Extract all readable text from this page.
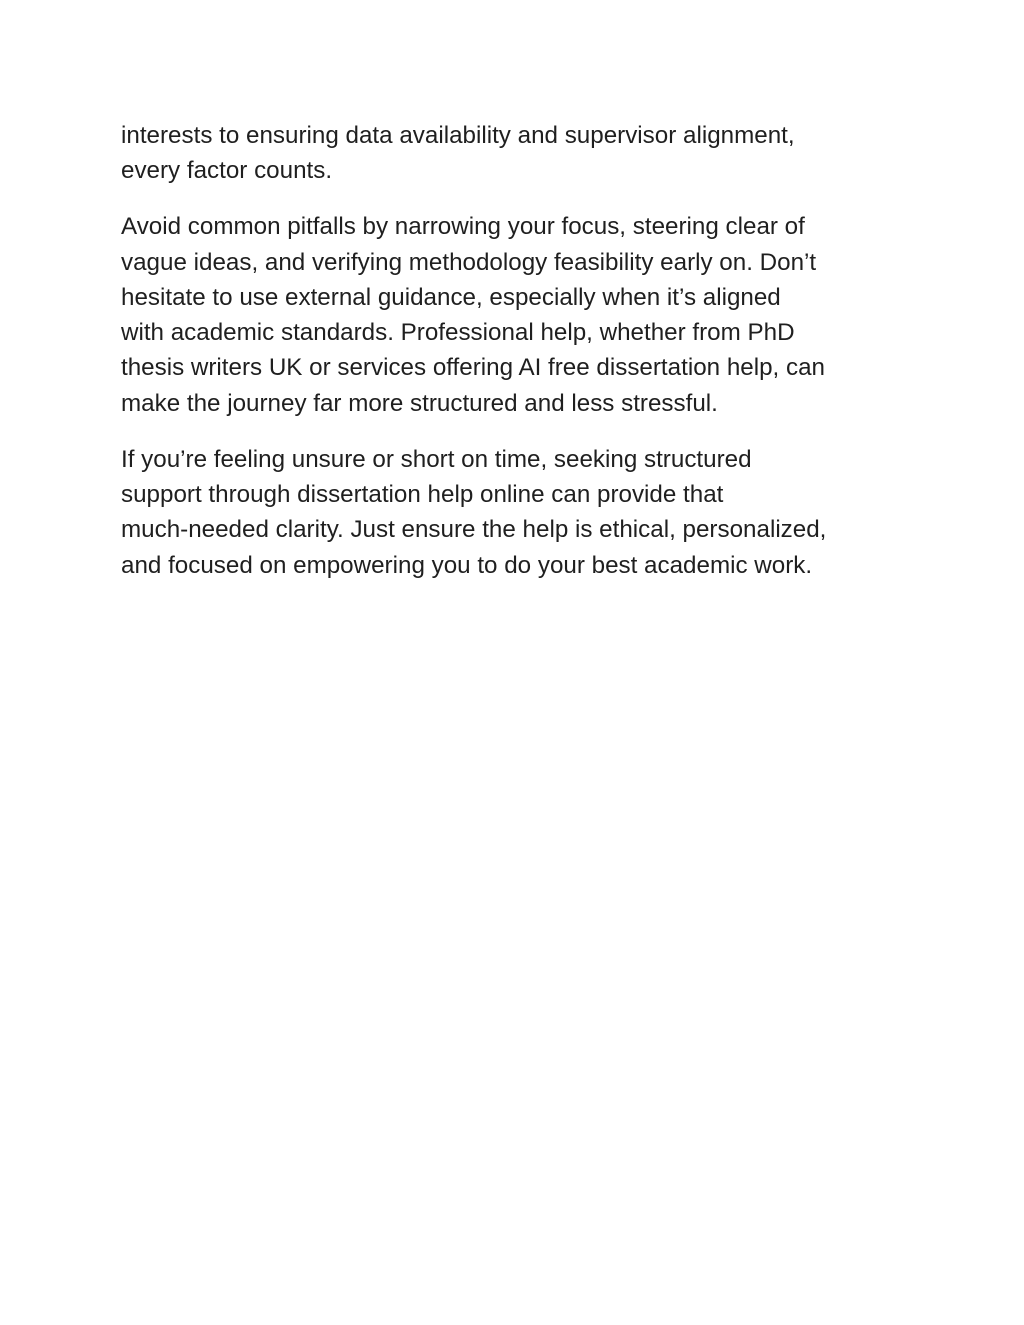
interests to ensuring data availability and supervisor alignment,
every factor counts.

Avoid common pitfalls by narrowing your focus, steering clear of
vague ideas, and verifying methodology feasibility early on. Don’t
hesitate to use external guidance, especially when it’s aligned
with academic standards. Professional help, whether from PhD
thesis writers UK or services offering AI free dissertation help, can
make the journey far more structured and less stressful.

If you’re feeling unsure or short on time, seeking structured
support through dissertation help online can provide that
much-needed clarity. Just ensure the help is ethical, personalized,
and focused on empowering you to do your best academic work.
